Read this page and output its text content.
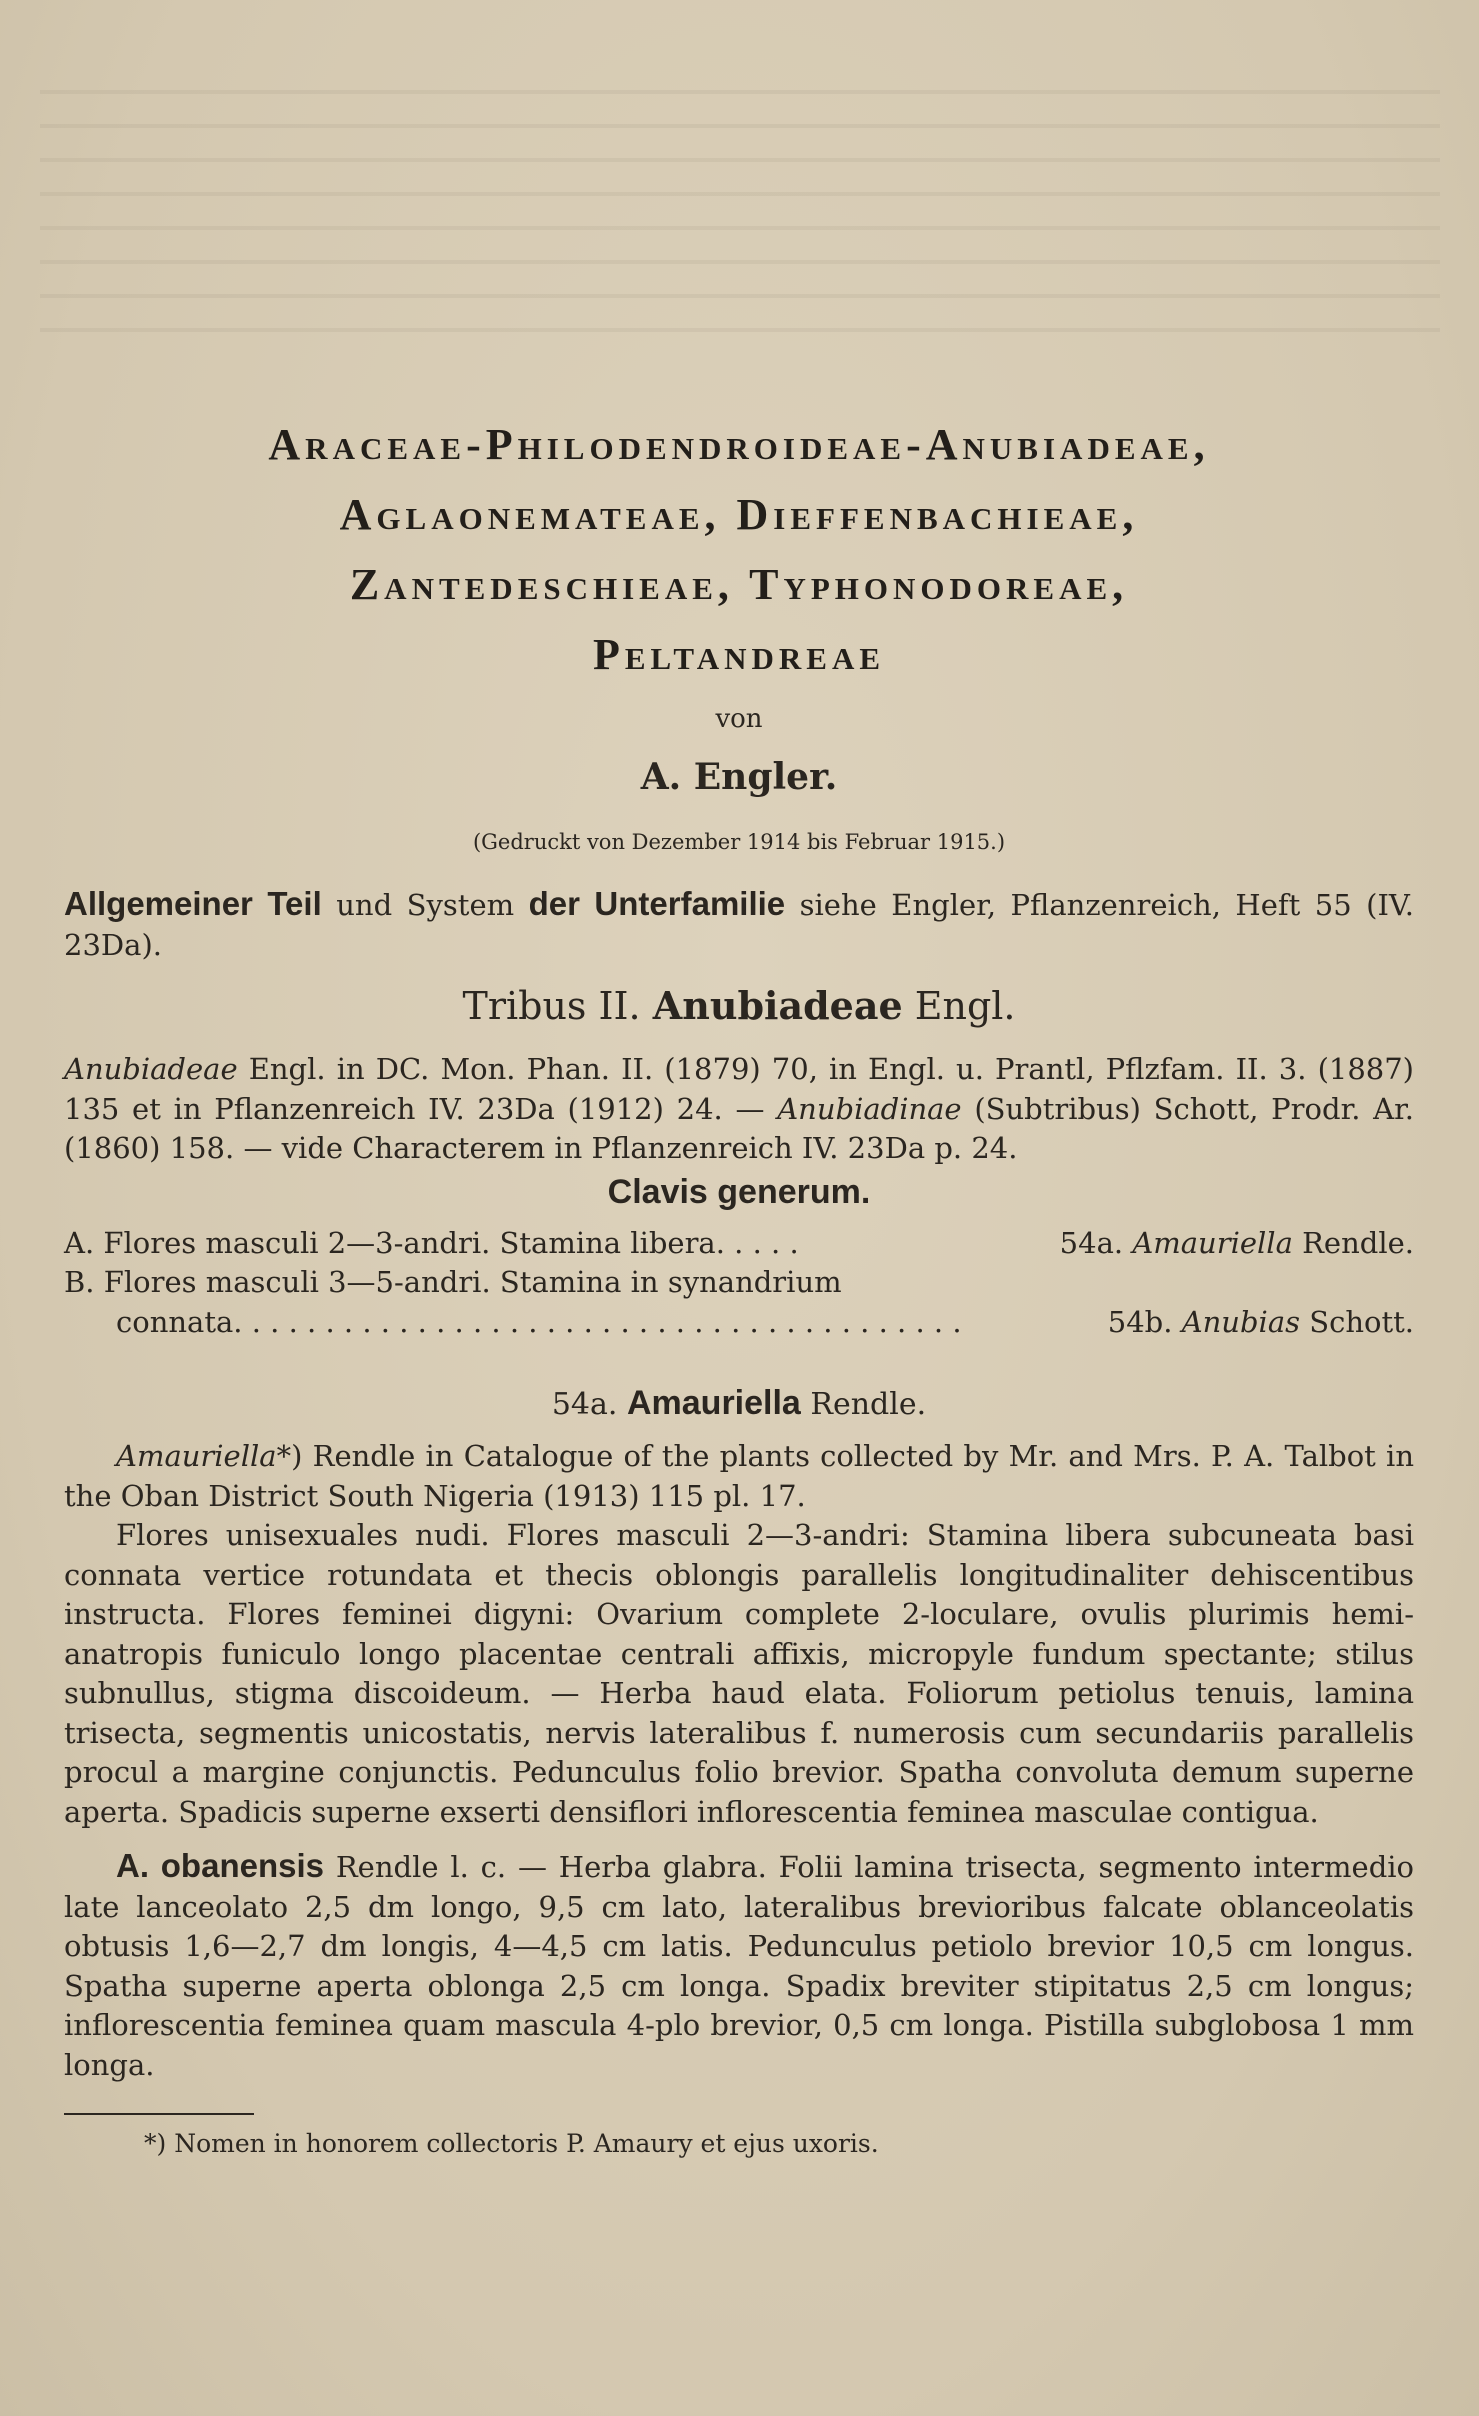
Araceae-Philodendroideae-Anubiadeae,
Aglaonemateae, Dieffenbachieae,
Zantedeschieae, Typhonodoreae,
Peltandreae
von
A. Engler.
(Gedruckt von Dezember 1914 bis Februar 1915.)
Allgemeiner Teil und System der Unterfamilie siehe Engler, Pflanzenreich, Heft 55 (IV. 23Da).
Tribus II. Anubiadeae Engl.
Anubiadeae Engl. in DC. Mon. Phan. II. (1879) 70, in Engl. u. Prantl, Pflzfam. II. 3. (1887) 135 et in Pflanzenreich IV. 23Da (1912) 24. — Anubiadinae (Subtribus) Schott, Prodr. Ar. (1860) 158. — vide Characterem in Pflanzenreich IV. 23Da p. 24.
Clavis generum.
A. Flores masculi 2—3-andri. Stamina libera . . . . .	54a. Amauriella Rendle.
B. Flores masculi 3—5-andri. Stamina in synandrium
connata . . . . . . . . . . . . . . . . . . . . . . . . . . . . . . . . . . . . . . . .	54b. Anubias Schott.
54a. Amauriella Rendle.
Amauriella*) Rendle in Catalogue of the plants collected by Mr. and Mrs. P. A. Talbot in the Oban District South Nigeria (1913) 115 pl. 17.
Flores unisexuales nudi. Flores masculi 2—3-andri: Stamina libera subcuneata basi connata vertice rotundata et thecis oblongis parallelis longitudinaliter dehiscentibus instructa. Flores feminei digyni: Ovarium complete 2-loculare, ovulis plurimis hemi-anatropis funiculo longo placentae centrali affixis, micropyle fundum spectante; stilus subnullus, stigma discoideum. — Herba haud elata. Foliorum petiolus tenuis, lamina trisecta, segmentis unicostatis, nervis lateralibus f. numerosis cum secundariis parallelis procul a margine conjunctis. Pedunculus folio brevior. Spatha convoluta demum superne aperta. Spadicis superne exserti densiflori inflorescentia feminea masculae contigua.
A. obanensis Rendle l. c. — Herba glabra. Folii lamina trisecta, segmento intermedio late lanceolato 2,5 dm longo, 9,5 cm lato, lateralibus brevioribus falcate oblanceolatis obtusis 1,6—2,7 dm longis, 4—4,5 cm latis. Pedunculus petiolo brevior 10,5 cm longus. Spatha superne aperta oblonga 2,5 cm longa. Spadix breviter stipitatus 2,5 cm longus; inflorescentia feminea quam mascula 4-plo brevior, 0,5 cm longa. Pistilla subglobosa 1 mm longa.
*) Nomen in honorem collectoris P. Amaury et ejus uxoris.
